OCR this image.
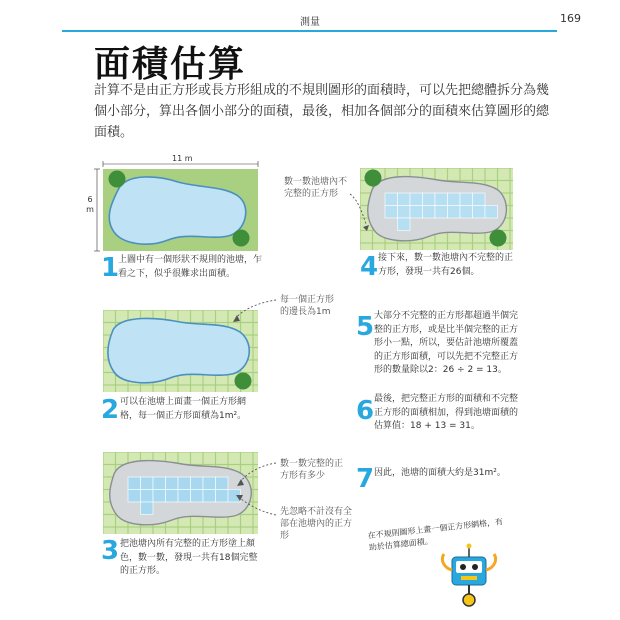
測量	169
面積估算
計算不是由正方形或長方形組成的不規則圖形的面積時，可以先把總體拆分為幾個小部分，算出各個小部分的面積，最後，相加各個部分的面積來估算圖形的總面積。
11 m
6 m
1
上圖中有一個形狀不規則的池塘，乍看之下，似乎很難求出面積。
2 可以在池塘上面畫一個正方形網格，每一個正方形面積為1m²。
3 把池塘內所有完整的正方形塗上顏色，數一數，發現一共有18個完整的正方形。
4 接下來，數一數池塘內不完整的正方形，發現一共有26個。
5 大部分不完整的正方形都超過半個完整的正方形，或是比半個完整的正方形小一點，所以，要估計池塘所覆蓋的正方形面積，可以先把不完整正方形的數量除以2：26 ÷ 2 = 13。
6 最後，把完整正方形的面積和不完整正方形的面積相加，得到池塘面積的估算值：18 + 13 = 31。
7 因此，池塘的面積大約是31m²。
數一數池塘內不完整的正方形
每一個正方形的邊長為1m
數一數完整的正方形有多少
先忽略不計沒有全部在池塘內的正方形	在不規則圖形上畫一個正方形網格，有助於估算總面積。
